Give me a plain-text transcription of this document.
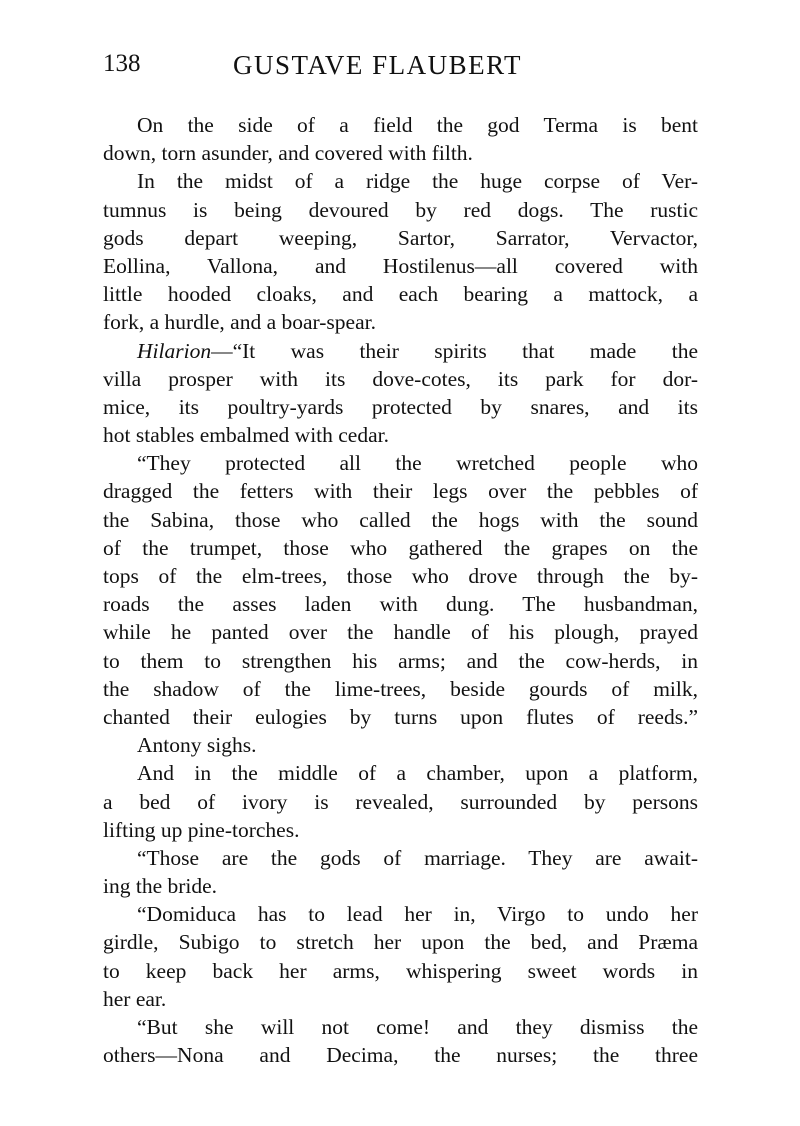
138	GUSTAVE FLAUBERT
On the side of a field the god Terma is bent
down, torn asunder, and covered with filth.
In the midst of a ridge the huge corpse of Ver-
tumnus is being devoured by red dogs. The rustic
gods depart weeping, Sartor, Sarrator, Vervactor,
Eollina, Vallona, and Hostilenus—all covered with
little hooded cloaks, and each bearing a mattock, a
fork, a hurdle, and a boar-spear.
Hilarion—“It was their spirits that made the
villa prosper with its dove-cotes, its park for dor-
mice, its poultry-yards protected by snares, and its
hot stables embalmed with cedar.
“They protected all the wretched people who
dragged the fetters with their legs over the pebbles of
the Sabina, those who called the hogs with the sound
of the trumpet, those who gathered the grapes on the
tops of the elm-trees, those who drove through the by-
roads the asses laden with dung. The husbandman,
while he panted over the handle of his plough, prayed
to them to strengthen his arms; and the cow-herds, in
the shadow of the lime-trees, beside gourds of milk,
chanted their eulogies by turns upon flutes of reeds.”
Antony sighs.
And in the middle of a chamber, upon a platform,
a bed of ivory is revealed, surrounded by persons
lifting up pine-torches.
“Those are the gods of marriage. They are await-
ing the bride.
“Domiduca has to lead her in, Virgo to undo her
girdle, Subigo to stretch her upon the bed, and Præma
to keep back her arms, whispering sweet words in
her ear.
“But she will not come! and they dismiss the
others—Nona and Decima, the nurses; the three
